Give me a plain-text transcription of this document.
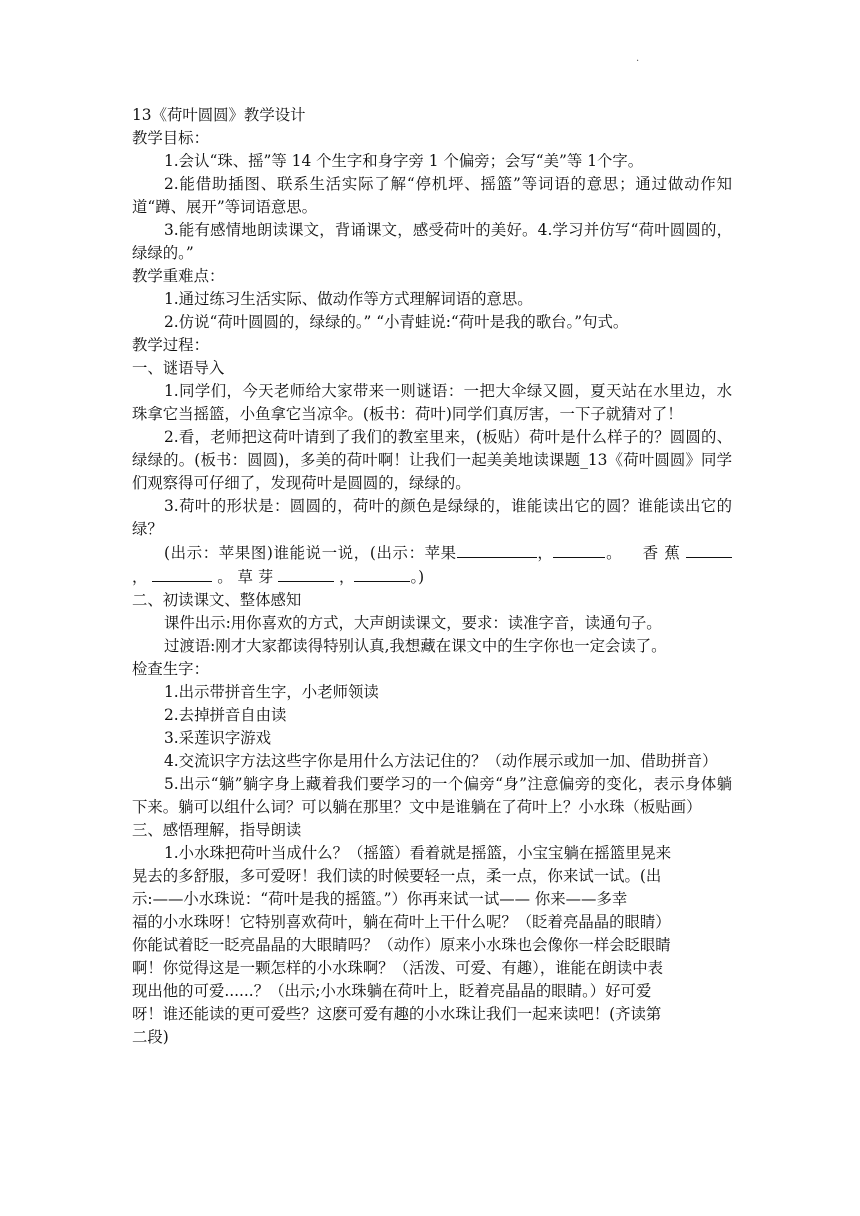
.
13《荷叶圆圆》教学设计
教学目标：
1.会认“珠、摇”等 14 个生字和身字旁 1 个偏旁；会写“美”等 1个字。
2.能借助插图、联系生活实际了解“停机坪、摇篮”等词语的意思；通过做动作知道“蹲、展开”等词语意思。
3.能有感情地朗读课文，背诵课文，感受荷叶的美好。4.学习并仿写“荷叶圆圆的，绿绿的。”
教学重难点：
1.通过练习生活实际、做动作等方式理解词语的意思。
2.仿说“荷叶圆圆的，绿绿的。” “小青蛙说:“荷叶是我的歌台。”句式。
教学过程：
一、谜语导入
1.同学们，今天老师给大家带来一则谜语：一把大伞绿又圆，夏天站在水里边，水珠拿它当摇篮，小鱼拿它当凉伞。(板书：荷叶)同学们真厉害，一下子就猜对了！
2.看，老师把这荷叶请到了我们的教室里来，(板贴）荷叶是什么样子的？圆圆的、绿绿的。(板书：圆圆)，多美的荷叶啊！让我们一起美美地读课题_13《荷叶圆圆》同学们观察得可仔细了，发现荷叶是圆圆的，绿绿的。
3.荷叶的形状是：圆圆的，荷叶的颜色是绿绿的，谁能读出它的圆？谁能读出它的绿？
(出示：苹果图)谁能说一说，(出示：苹果	，	。 香 蕉  ，	。 草 芽	，	。)
二、初读课文、整体感知
课件出示:用你喜欢的方式，大声朗读课文，要求：读准字音，读通句子。
过渡语:刚才大家都读得特别认真,我想藏在课文中的生字你也一定会读了。
检查生字：
1.出示带拼音生字，小老师领读
2.去掉拼音自由读
3.采莲识字游戏
4.交流识字方法这些字你是用什么方法记住的？（动作展示或加一加、借助拼音）
5.出示“躺”躺字身上藏着我们要学习的一个偏旁“身”注意偏旁的变化，表示身体躺下来。躺可以组什么词？可以躺在那里？文中是谁躺在了荷叶上？小水珠（板贴画）
三、感悟理解，指导朗读
1.小水珠把荷叶当成什么？（摇篮）看着就是摇篮，小宝宝躺在摇篮里晃来
晃去的多舒服，多可爱呀！我们读的时候要轻一点，柔一点，你来试一试。(出
示:——小水珠说：“荷叶是我的摇篮。”）你再来试一试—— 你来——多幸
福的小水珠呀！它特别喜欢荷叶，躺在荷叶上干什么呢？（眨着亮晶晶的眼睛）
你能试着眨一眨亮晶晶的大眼睛吗？（动作）原来小水珠也会像你一样会眨眼睛
啊！你觉得这是一颗怎样的小水珠啊？（活泼、可爱、有趣），谁能在朗读中表
现出他的可爱......？（出示;小水珠躺在荷叶上，眨着亮晶晶的眼睛。）好可爱
呀！谁还能读的更可爱些？这麽可爱有趣的小水珠让我们一起来读吧！(齐读第
二段)
